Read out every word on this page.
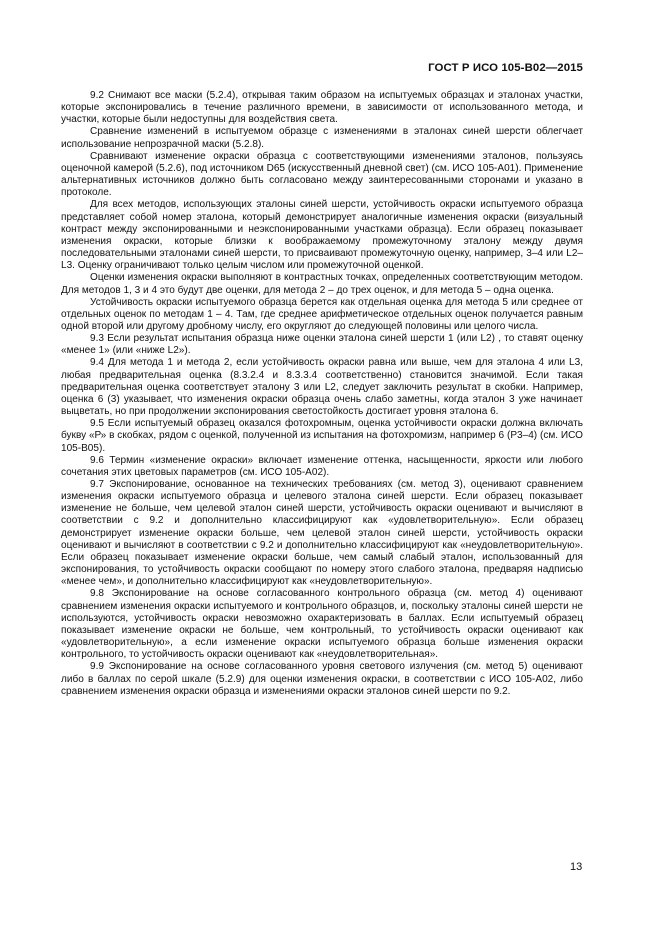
ГОСТ Р ИСО 105-B02—2015

9.2 Снимают все маски (5.2.4), открывая таким образом на испытуемых образцах и эталонах участки, которые экспонировались в течение различного времени, в зависимости от использованного метода, и участки, которые были недоступны для воздействия света.

Сравнение изменений в испытуемом образце с изменениями в эталонах синей шерсти облегчает использование непрозрачной маски (5.2.8).

Сравнивают изменение окраски образца с соответствующими изменениями эталонов, пользуясь оценочной камерой (5.2.6), под источником D65 (искусственный дневной свет) (см. ИСО 105-A01). Применение альтернативных источников должно быть согласовано между заинтересованными сторонами и указано в протоколе.

Для всех методов, использующих эталоны синей шерсти, устойчивость окраски испытуемого образца представляет собой номер эталона, который демонстрирует аналогичные изменения окраски (визуальный контраст между экспонированными и неэкспонированными участками образца). Если образец показывает изменения окраски, которые близки к воображаемому промежуточному эталону между двумя последовательными эталонами синей шерсти, то присваивают промежуточную оценку, например, 3–4 или L2–L3. Оценку ограничивают только целым числом или промежуточной оценкой.

Оценки изменения окраски выполняют в контрастных точках, определенных соответствующим методом. Для методов 1, 3 и 4 это будут две оценки, для метода 2 – до трех оценок, и для метода 5 – одна оценка.

Устойчивость окраски испытуемого образца берется как отдельная оценка для метода 5 или среднее от отдельных оценок по методам 1 – 4. Там, где среднее арифметическое отдельных оценок получается равным одной второй или другому дробному числу, его округляют до следующей половины или целого числа.

9.3 Если результат испытания образца ниже оценки эталона синей шерсти 1 (или L2) , то ставят оценку «менее 1» (или «ниже L2»).

9.4 Для метода 1 и метода 2, если устойчивость окраски равна или выше, чем для эталона 4 или L3, любая предварительная оценка (8.3.2.4 и 8.3.3.4 соответственно) становится значимой. Если такая предварительная оценка соответствует эталону 3 или L2, следует заключить результат в скобки. Например, оценка 6 (3) указывает, что изменения окраски образца очень слабо заметны, когда эталон 3 уже начинает выцветать, но при продолжении экспонирования светостойкость достигает уровня эталона 6.

9.5 Если испытуемый образец оказался фотохромным, оценка устойчивости окраски должна включать букву «Р» в скобках, рядом с оценкой, полученной из испытания на фотохромизм, например 6 (Р3–4) (см. ИСО 105-B05).

9.6 Термин «изменение окраски» включает изменение оттенка, насыщенности, яркости или любого сочетания этих цветовых параметров (см. ИСО 105-A02).

9.7 Экспонирование, основанное на технических требованиях (см. метод 3), оценивают сравнением изменения окраски испытуемого образца и целевого эталона синей шерсти. Если образец показывает изменение не больше, чем целевой эталон синей шерсти, устойчивость окраски оценивают и вычисляют в соответствии с 9.2 и дополнительно классифицируют как «удовлетворительную». Если образец демонстрирует изменение окраски больше, чем целевой эталон синей шерсти, устойчивость окраски оценивают и вычисляют в соответствии с 9.2 и дополнительно классифицируют как «неудовлетворительную». Если образец показывает изменение окраски больше, чем самый слабый эталон, использованный для экспонирования, то устойчивость окраски сообщают по номеру этого слабого эталона, предваряя надписью «менее чем», и дополнительно классифицируют как «неудовлетворительную».

9.8 Экспонирование на основе согласованного контрольного образца (см. метод 4) оценивают сравнением изменения окраски испытуемого и контрольного образцов, и, поскольку эталоны синей шерсти не используются, устойчивость окраски невозможно охарактеризовать в баллах. Если испытуемый образец показывает изменение окраски не больше, чем контрольный, то устойчивость окраски оценивают как «удовлетворительную», а если изменение окраски испытуемого образца больше изменения окраски контрольного, то устойчивость окраски оценивают как «неудовлетворительная».

9.9 Экспонирование на основе согласованного уровня светового излучения (см. метод 5) оценивают либо в баллах по серой шкале (5.2.9) для оценки изменения окраски, в соответствии с ИСО 105-A02, либо сравнением изменения окраски образца и изменениями окраски эталонов синей шерсти по 9.2.

13
